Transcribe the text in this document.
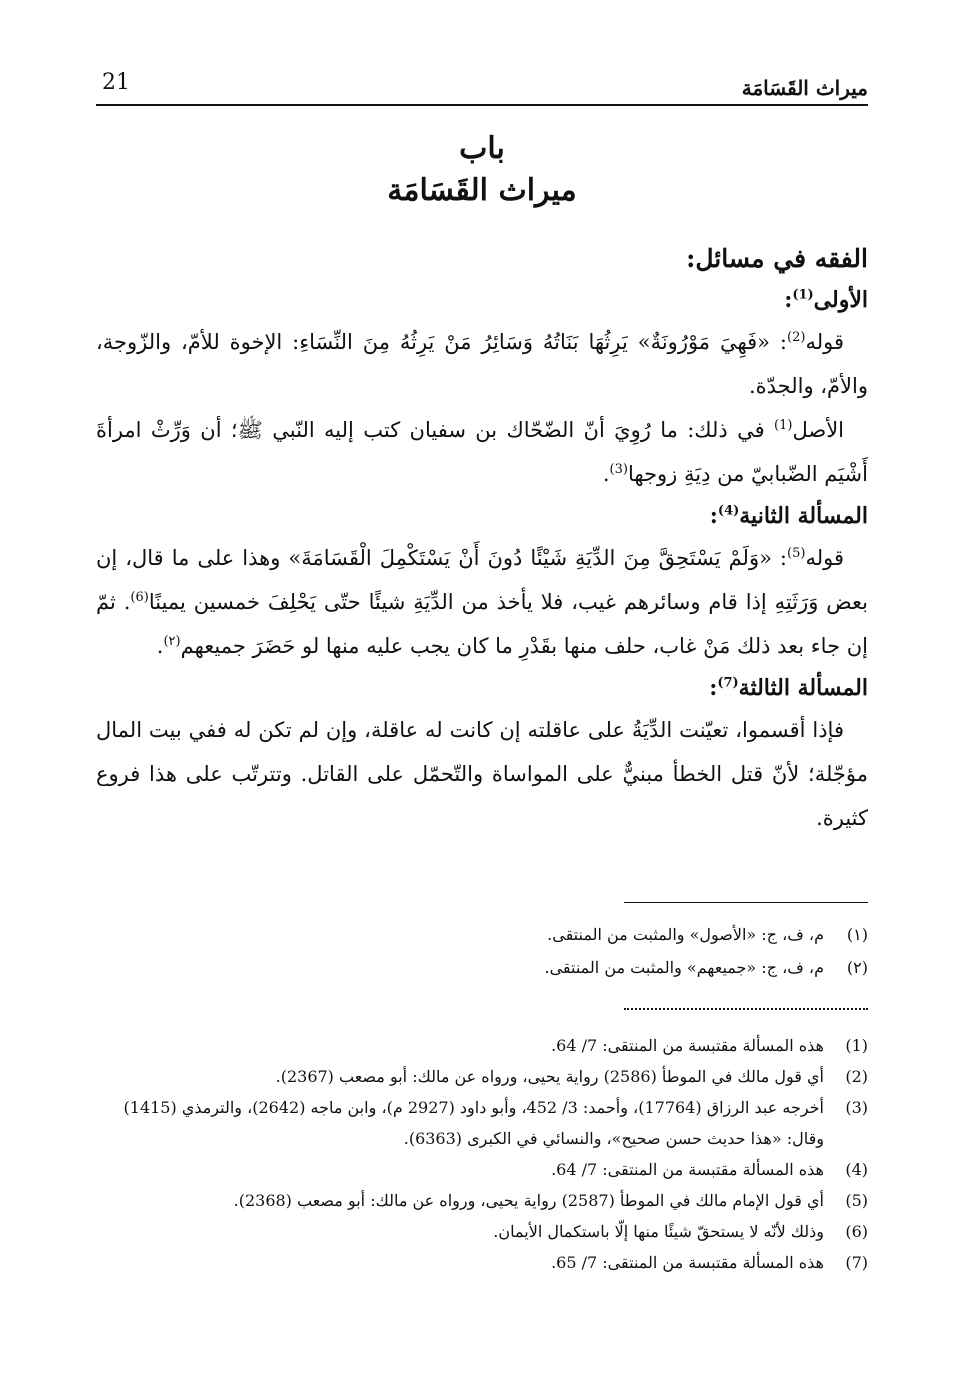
ميراث القَسَامَة
21
باب
ميراث القَسَامَة
الفقه في مسائل:
الأولى$^{(1)}$:

قوله$^{(2)}$: «فَهِيَ مَوْرُونَةٌ» يَرِثُهَا بَنَاتُهُ وَسَائِرُ مَنْ يَرِثُهُ مِنَ النِّسَاءِ: الإخوة للأمّ، والزّوجة، والأمّ، والجدّة.

الأصل$^{(1)}$ في ذلك: ما رُوِيَ أنّ الضّحّاك بن سفيان كتب إليه النّبي ﷺ؛ أن وَرِّثْ امرأةَ أَشْيَم الضّبابيّ من دِيَةِ زوجها$^{(3)}$.

المسألة الثانية$^{(4)}$:

قوله$^{(5)}$: «وَلَمْ يَسْتَحِقَّ مِنَ الدِّيَةِ شَيْئًا دُونَ أَنْ يَسْتَكْمِلَ الْقَسَامَةَ» وهذا على ما قال، إن بعض وَرَثَتِهِ إذا قام وسائرهم غيب، فلا يأخذ من الدِّيَةِ شيئًا حتّى يَحْلِفَ خمسين يمينًا$^{(6)}$. ثمّ إن جاء بعد ذلك مَنْ غاب، حلف منها بقَدْرِ ما كان يجب عليه منها لو حَضَرَ جميعهم$^{(٢)}$.

المسألة الثالثة$^{(7)}$:

فإذا أقسموا، تعيّنت الدِّيَةُ على عاقلته إن كانت له عاقلة، وإن لم تكن له ففي بيت المال مؤجّلة؛ لأنّ قتل الخطأ مبنيٌّ على المواساة والتّحمّل على القاتل. وتترتّب على هذا فروع كثيرة.

(١)
م، ف، ج: «الأصول» والمثبت من المنتقى.
(٢)
م، ف، ج: «جميعهم» والمثبت من المنتقى.
(1)
هذه المسألة مقتبسة من المنتقى: 7/ 64.
(2)
أي قول مالك في الموطأ (2586) رواية يحيى، ورواه عن مالك: أبو مصعب (2367).
(3)
أخرجه عبد الرزاق (17764)، وأحمد: 3/ 452، وأبو داود (2927 م)، وابن ماجه (2642)، والترمذي (1415) وقال: «هذا حديث حسن صحيح»، والنسائي في الكبرى (6363).
(4)
هذه المسألة مقتبسة من المنتقى: 7/ 64.
(5)
أي قول الإمام مالك في الموطأ (2587) رواية يحيى، ورواه عن مالك: أبو مصعب (2368).
(6)
وذلك لأنّه لا يستحقّ شيئًا منها إلّا باستكمال الأيمان.
(7)
هذه المسألة مقتبسة من المنتقى: 7/ 65.
